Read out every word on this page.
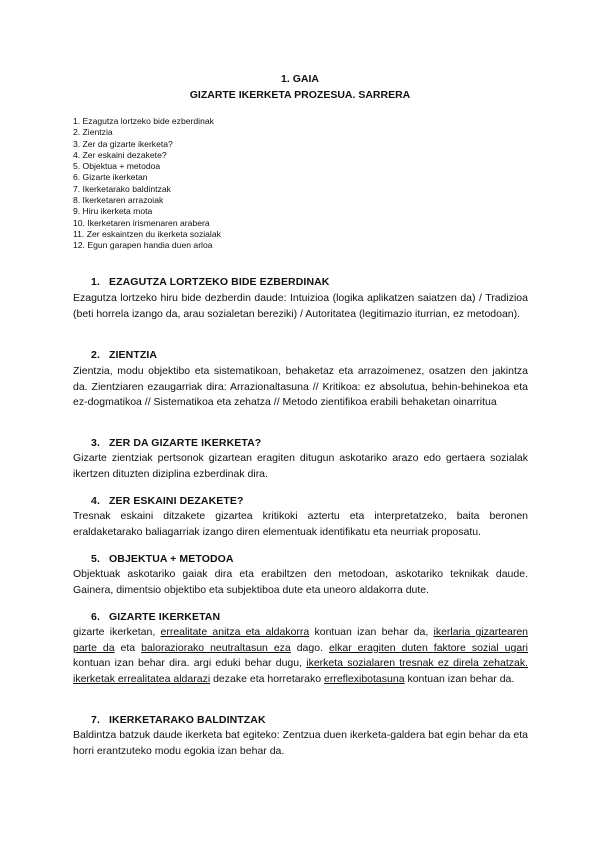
1. GAIA
GIZARTE IKERKETA PROZESUA. SARRERA
1. Ezagutza lortzeko bide ezberdinak
2. Zientzia
3. Zer da gizarte ikerketa?
4. Zer eskaini dezakete?
5. Objektua + metodoa
6. Gizarte ikerketan
7. Ikerketarako baldintzak
8. Ikerketaren arrazoiak
9. Hiru ikerketa mota
10. Ikerketaren irismenaren arabera
11. Zer eskaintzen du ikerketa sozialak
12. Egun garapen handia duen arloa
1. EZAGUTZA LORTZEKO BIDE EZBERDINAK

Ezagutza lortzeko hiru bide dezberdin daude: Intuizioa (logika aplikatzen saiatzen da) / Tradizioa (beti horrela izango da, arau sozialetan bereziki) / Autoritatea (legitimazio iturrian, ez metodoan).

2. ZIENTZIA

Zientzia, modu objektibo eta sistematikoan, behaketaz eta arrazoimenez, osatzen den jakintza da. Zientziaren ezaugarriak dira: Arrazionaltasuna // Kritikoa: ez absolutua, behin-behinekoa eta ez-dogmatikoa // Sistematikoa eta zehatza // Metodo zientifikoa erabili behaketan oinarritua

3. ZER DA GIZARTE IKERKETA?

Gizarte zientziak pertsonok gizartean eragiten ditugun askotariko arazo edo gertaera sozialak ikertzen dituzten diziplina ezberdinak dira.

4. ZER ESKAINI DEZAKETE?

Tresnak eskaini ditzakete gizartea kritikoki aztertu eta interpretatzeko, baita beronen eraldaketarako baliagarriak izango diren elementuak identifikatu eta neurriak proposatu.

5. OBJEKTUA + METODOA

Objektuak askotariko gaiak dira eta erabiltzen den metodoan, askotariko teknikak daude. Gainera, dimentsio objektibo eta subjektiboa dute eta uneoro aldakorra dute.

6. GIZARTE IKERKETAN

gizarte ikerketan, errealitate anitza eta aldakorra kontuan izan behar da, ikerlaria gizartearen parte da eta baloraziorako neutraltasun eza dago. elkar eragiten duten faktore sozial ugari kontuan izan behar dira. argi eduki behar dugu, ikerketa sozialaren tresnak ez direla zehatzak. ikerketak errealitatea aldarazi dezake eta horretarako erreflexibotasuna kontuan izan behar da.

7. IKERKETARAKO BALDINTZAK

Baldintza batzuk daude ikerketa bat egiteko: Zentzua duen ikerketa-galdera bat egin behar da eta horri erantzuteko modu egokia izan behar da.
